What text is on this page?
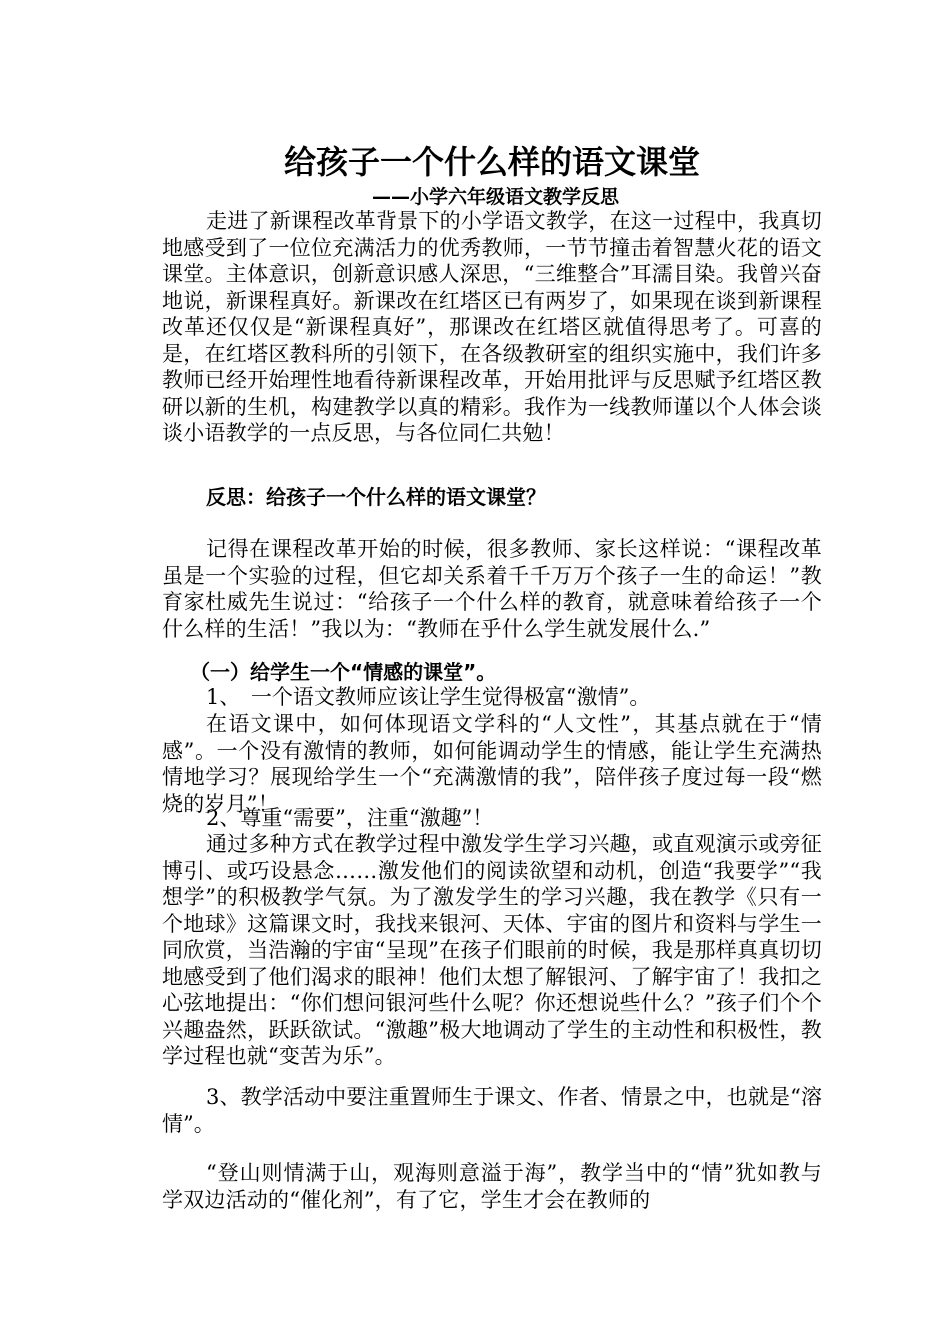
给孩子一个什么样的语文课堂
——小学六年级语文教学反思

走进了新课程改革背景下的小学语文教学，在这一过程中，我真切地感受到了一位位充满活力的优秀教师，一节节撞击着智慧火花的语文课堂。主体意识，创新意识感人深思，“三维整合”耳濡目染。我曾兴奋地说，新课程真好。新课改在红塔区已有两岁了，如果现在谈到新课程改革还仅仅是“新课程真好”，那课改在红塔区就值得思考了。可喜的是，在红塔区教科所的引领下，在各级教研室的组织实施中，我们许多教师已经开始理性地看待新课程改革，开始用批评与反思赋予红塔区教研以新的生机，构建教学以真的精彩。我作为一线教师谨以个人体会谈谈小语教学的一点反思，与各位同仁共勉！

反思：给孩子一个什么样的语文课堂？

记得在课程改革开始的时候，很多教师、家长这样说：“课程改革虽是一个实验的过程，但它却关系着千千万万个孩子一生的命运！”教育家杜威先生说过：“给孩子一个什么样的教育，就意味着给孩子一个什么样的生活！”我以为：“教师在乎什么学生就发展什么.”

（一）给学生一个“情感的课堂”。

1、　一个语文教师应该让学生觉得极富“激情”。

在语文课中，如何体现语文学科的“人文性”，其基点就在于“情感”。一个没有激情的教师，如何能调动学生的情感，能让学生充满热情地学习？展现给学生一个“充满激情的我”，陪伴孩子度过每一段“燃烧的岁月”！

2、尊重“需要”，注重“激趣”！

通过多种方式在教学过程中激发学生学习兴趣，或直观演示或旁征博引、或巧设悬念……激发他们的阅读欲望和动机，创造“我要学”“我想学”的积极教学气氛。为了激发学生的学习兴趣，我在教学《只有一个地球》这篇课文时，我找来银河、天体、宇宙的图片和资料与学生一同欣赏，当浩瀚的宇宙“呈现”在孩子们眼前的时候，我是那样真真切切地感受到了他们渴求的眼神！他们太想了解银河、了解宇宙了！我扣之心弦地提出：“你们想问银河些什么呢？你还想说些什么？”孩子们个个兴趣盎然，跃跃欲试。“激趣”极大地调动了学生的主动性和积极性，教学过程也就“变苦为乐”。

3、教学活动中要注重置师生于课文、作者、情景之中，也就是“溶情”。

“登山则情满于山，观海则意溢于海”，教学当中的“情”犹如教与学双边活动的“催化剂”，有了它，学生才会在教师的
